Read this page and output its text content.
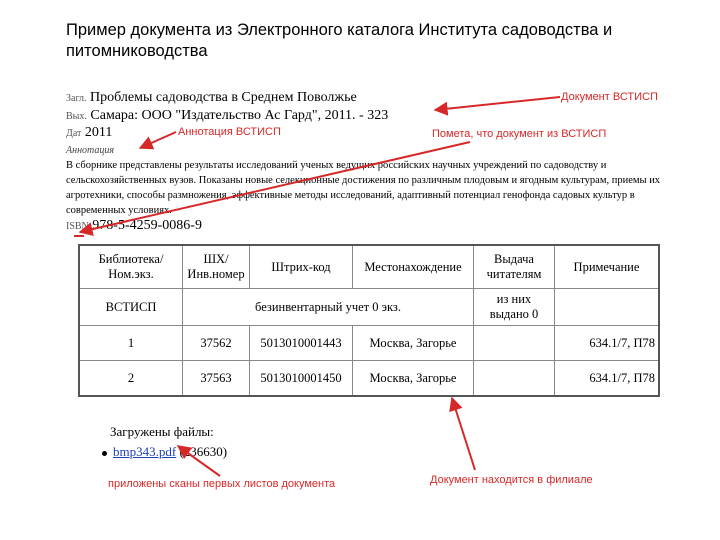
Пример документа из Электронного каталога Института садоводства и питомниководства
Загл. Проблемы садоводства в Среднем Поволжье
Вых. Самара: ООО "Издательство Ас Гард", 2011. - 323
Дат 2011
Аннотация
В сборнике представлены результаты исследований ученых ведущих российских научных учреждений по садоводству и сельскохозяйственных вузов. Показаны новые селекционные достижения по различным плодовым и ягодным культурам, приемы их агротехники, способы размножения, эффективные методы исследований, адаптивный потенциал генофонда садовых культур в современных условиях.
ISBN 978-5-4259-0086-9
Библиотека/ Ном.экз.	ШХ/ Инв.номер	Штрих-код	Местонахождение	Выдача читателям	Примечание
ВСТИСП	безинвентарный учет 0 экз.			из них выдано 0	
1	37562	5013010001443	Москва, Загорье		634.1/7, П78
2	37563	5013010001450	Москва, Загорье		634.1/7, П78
Загружены файлы:
bmp343.pdf (236630)
Документ ВСТИСП
Аннотация ВСТИСП	Помета, что документ из ВСТИСП
приложены сканы первых листов документа	Документ находится в филиале
